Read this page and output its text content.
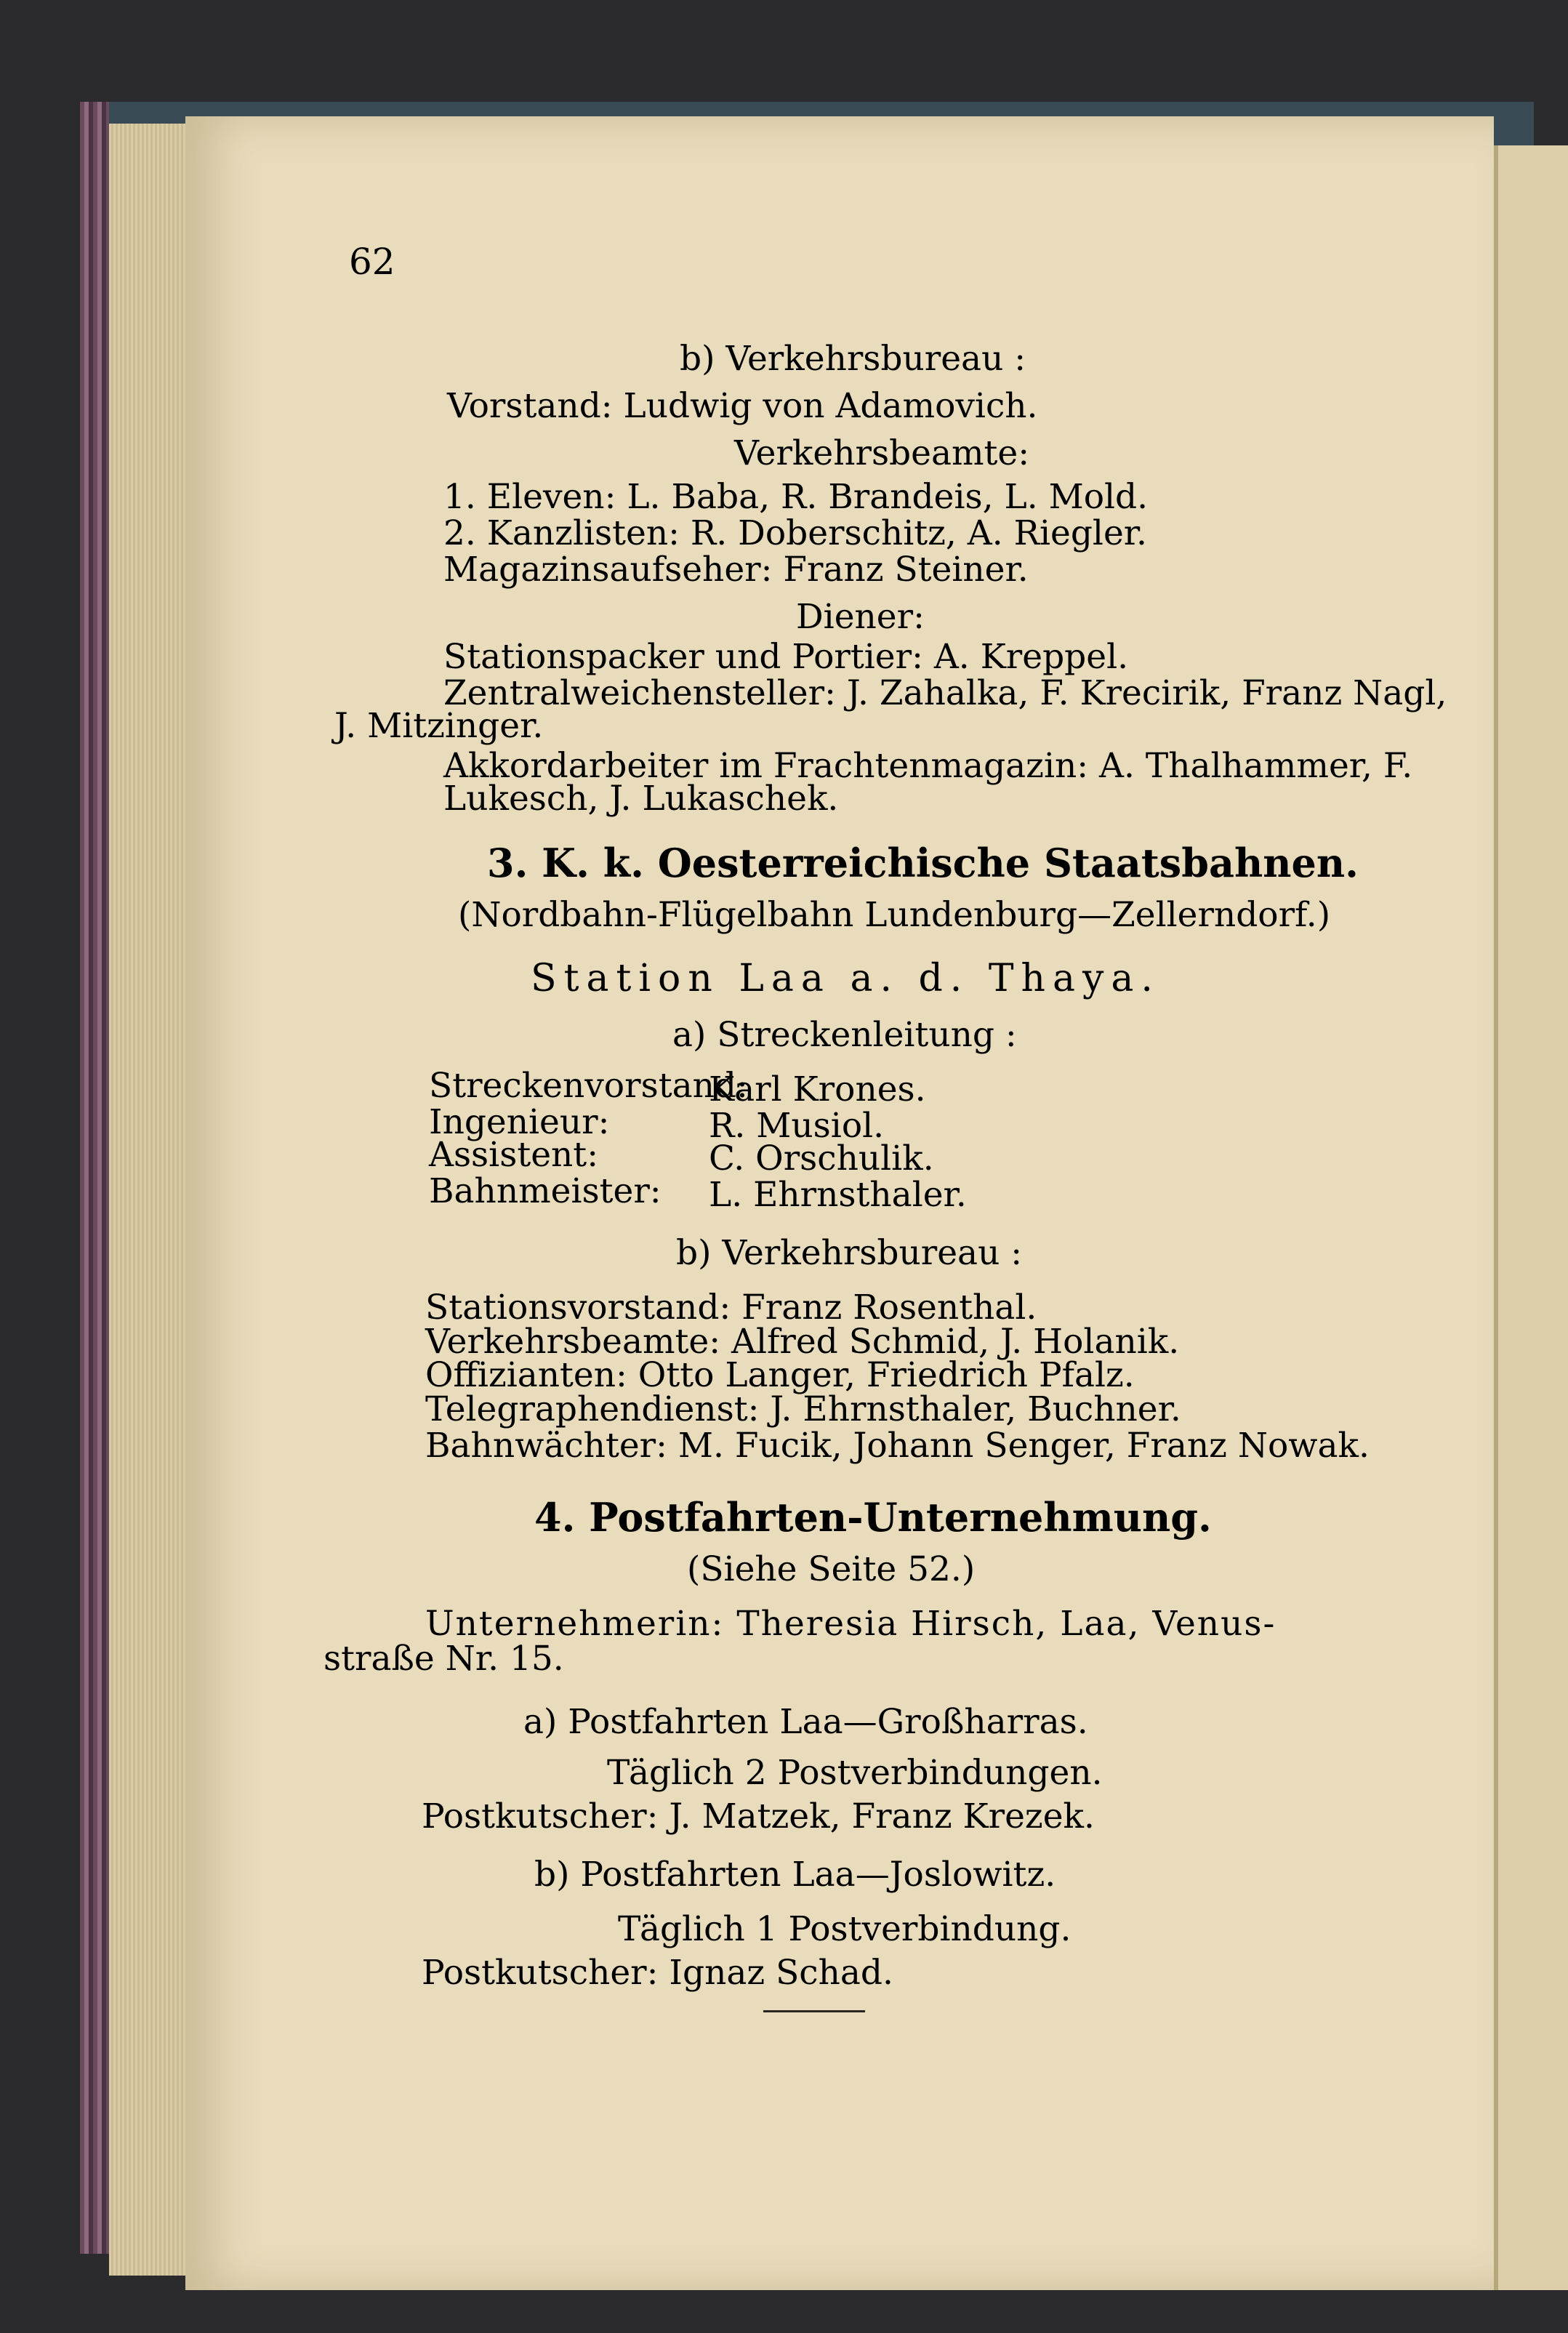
62
b) Verkehrsbureau :
Vorstand: Ludwig von Adamovich.
Verkehrsbeamte:
1. Eleven: L. Baba, R. Brandeis, L. Mold.
2. Kanzlisten: R. Doberschitz, A. Riegler.
Magazinsaufseher: Franz Steiner.
Diener:
Stationspacker und Portier: A. Kreppel.
Zentralweichensteller: J. Zahalka, F. Krecirik, Franz Nagl,
J. Mitzinger.
Akkordarbeiter im Frachtenmagazin: A. Thalhammer, F.
Lukesch, J. Lukaschek.
3. K. k. Oesterreichische Staatsbahnen.
(Nordbahn-Flügelbahn Lundenburg—Zellerndorf.)
Station Laa a. d. Thaya.
a) Streckenleitung :
Streckenvorstand:
Karl Krones.
Ingenieur:	R. Musiol.
Assistent:	C. Orschulik.
Bahnmeister: L. Ehrnsthaler.
b) Verkehrsbureau :
Stationsvorstand: Franz Rosenthal.
Verkehrsbeamte: Alfred Schmid, J. Holanik.
Offizianten: Otto Langer, Friedrich Pfalz.
Telegraphendienst: J. Ehrnsthaler, Buchner.
Bahnwächter: M. Fucik, Johann Senger, Franz Nowak.
4. Postfahrten-Unternehmung.
(Siehe Seite 52.)
Unternehmerin: Theresia Hirsch, Laa, Venus-
straße Nr. 15.
a) Postfahrten Laa—Großharras.
Täglich 2 Postverbindungen.
Postkutscher: J. Matzek, Franz Krezek.
b) Postfahrten Laa—Joslowitz.
Täglich 1 Postverbindung.
Postkutscher: Ignaz Schad.
